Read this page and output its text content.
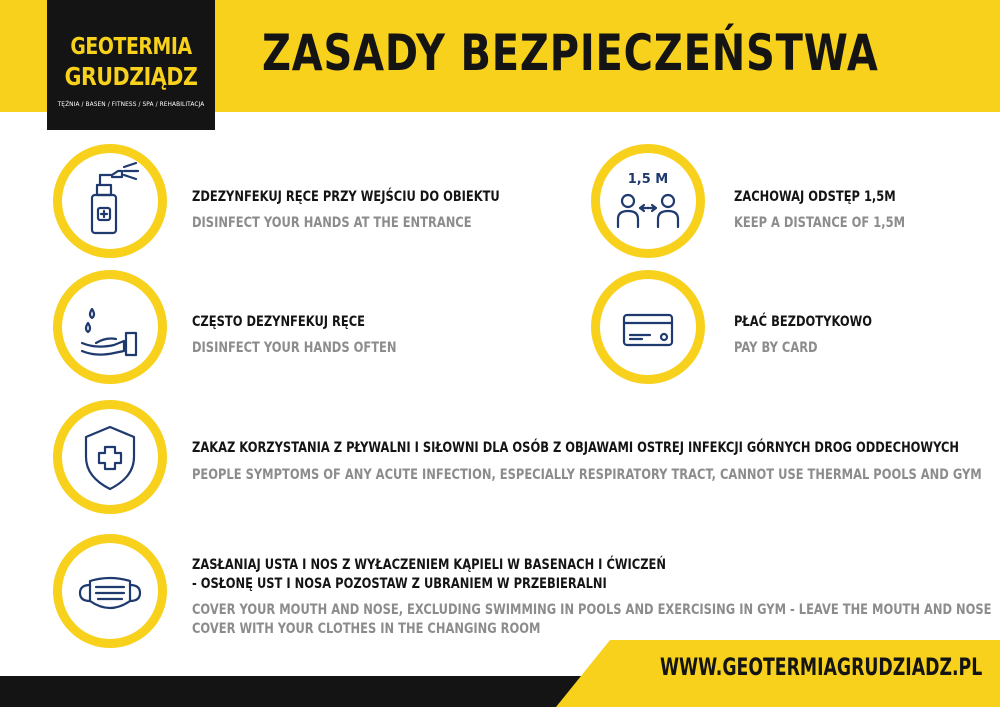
GEOTERMIA
GRUDZIĄDZ
TĘŻNIA / BASEN / FITNESS / SPA / REHABILITACJA
ZASADY BEZPIECZEŃSTWA
ZDEZYNFEKUJ RĘCE PRZY WEJŚCIU DO OBIEKTU
DISINFECT YOUR HANDS AT THE ENTRANCE
1,5 M
ZACHOWAJ ODSTĘP 1,5M
KEEP A DISTANCE OF 1,5M
CZĘSTO DEZYNFEKUJ RĘCE
DISINFECT YOUR HANDS OFTEN
PŁAĆ BEZDOTYKOWO
PAY BY CARD
ZAKAZ KORZYSTANIA Z PŁYWALNI I SIŁOWNI DLA OSÓB Z OBJAWAMI OSTREJ INFEKCJI GÓRNYCH DROG ODDECHOWYCH
PEOPLE SYMPTOMS OF ANY ACUTE INFECTION, ESPECIALLY RESPIRATORY TRACT, CANNOT USE THERMAL POOLS AND GYM
ZASŁANIAJ USTA I NOS Z WYŁACZENIEM KĄPIELI W BASENACH I ĆWICZEŃ
- OSŁONĘ UST I NOSA POZOSTAW Z UBRANIEM W PRZEBIERALNI
COVER YOUR MOUTH AND NOSE, EXCLUDING SWIMMING IN POOLS AND EXERCISING IN GYM - LEAVE THE MOUTH AND NOSE
COVER WITH YOUR CLOTHES IN THE CHANGING ROOM
WWW.GEOTERMIAGRUDZIADZ.PL
